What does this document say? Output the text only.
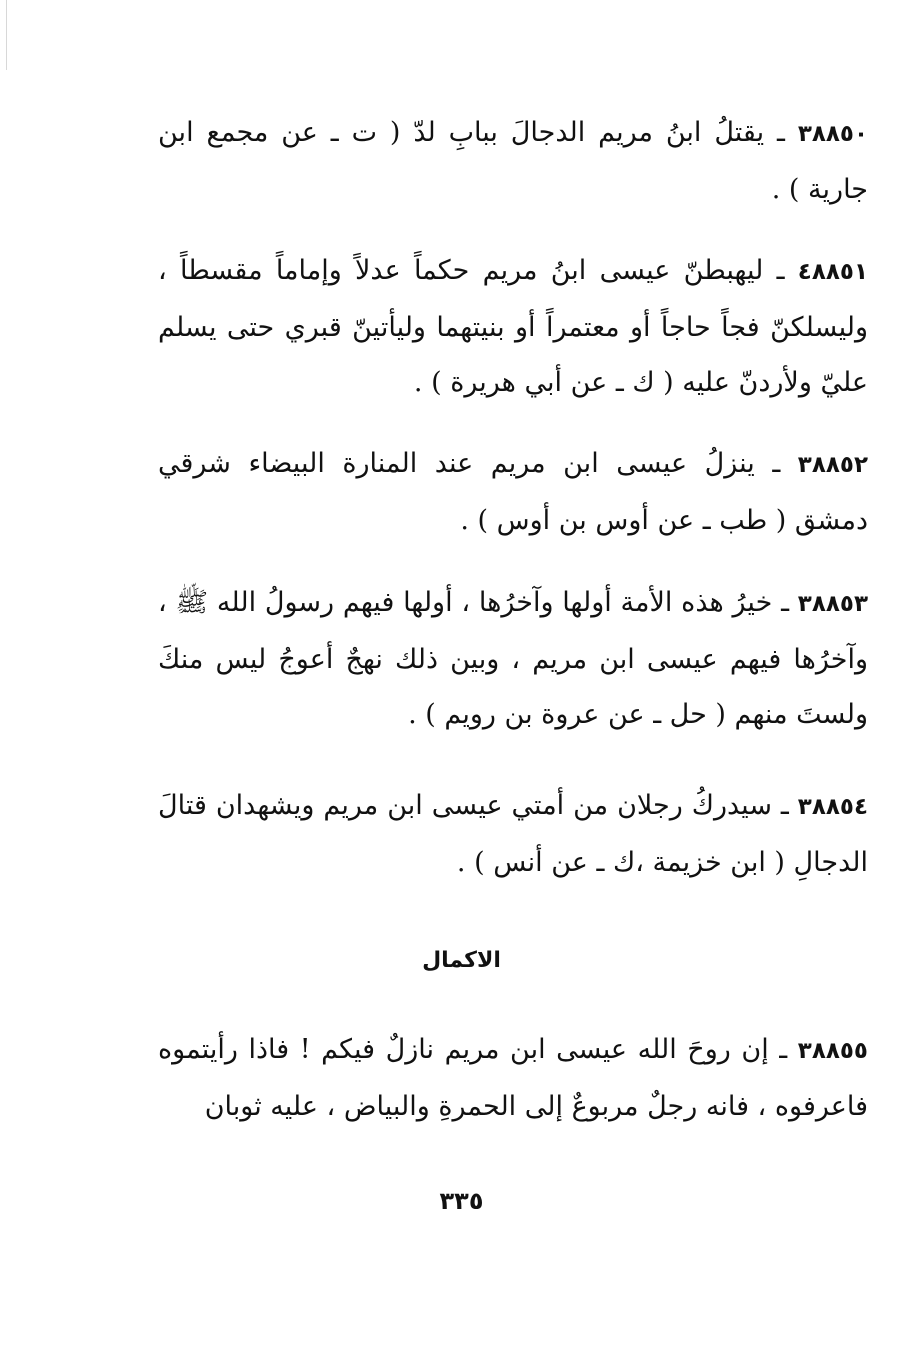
٣٨٨٥٠ ـ يقتلُ ابنُ مريم الدجالَ ببابِ لدّ ( ت ـ عن مجمع ابن جارية ) .

٤٨٨٥١ ـ ليهبطنّ عيسى ابنُ مريم حكماً عدلاً وإماماً مقسطاً ، وليسلكنّ فجاً حاجاً أو معتمراً أو بنيتهما وليأتينّ قبري حتى يسلم عليّ ولأردنّ عليه ( ك ـ عن أبي هريرة ) .

٣٨٨٥٢ ـ ينزلُ عيسى ابن مريم عند المنارة البيضاء شرقي دمشق ( طب ـ عن أوس بن أوس ) .

٣٨٨٥٣ ـ خيرُ هذه الأمة أولها وآخرُها ، أولها فيهم رسولُ الله ﷺ ، وآخرُها فيهم عيسى ابن مريم ، وبين ذلك نهجٌ أعوجُ ليس منكَ ولستَ منهم ( حل ـ عن عروة بن رويم ) .

٣٨٨٥٤ ـ سيدركُ رجلان من أمتي عيسى ابن مريم ويشهدان قتالَ الدجالِ ( ابن خزيمة ،ك ـ عن أنس ) .

الاكمال

٣٨٨٥٥ ـ إن روحَ الله عيسى ابن مريم نازلٌ فيكم ! فاذا رأيتموه فاعرفوه ، فانه رجلٌ مربوعٌ إلى الحمرةِ والبياض ، عليه ثوبان

٣٣٥
